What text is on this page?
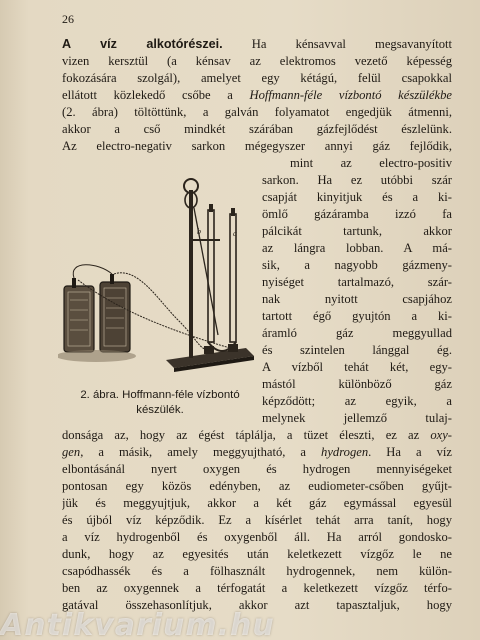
26
A víz alkotórészei. Ha kénsavval megsavanyított
vizen kersztül (a kénsav az elektromos vezető képesség
fokozására szolgál), amelyet egy kétágú, felül csapokkal
ellátott közlekedő csőbe a Hoffmann-féle vízbontó készülékbe
(2. ábra) töltöttünk, a galván folyamatot engedjük átmenni,
akkor a cső mindkét szárában gázfejlődést észlelünk.
Az electro-negativ sarkon mégegyszer annyi gáz fejlődik,
mint az electro-positiv
sarkon. Ha ez utóbbi szár
csapját kinyitjuk és a ki-
ömlő gázáramba izzó fa
pálcikát tartunk, akkor
az lángra lobban. A má-
sik, a nagyobb gázmeny-
nyiséget tartalmazó, szár-
nak nyitott csapjához
tartott égő gyujtón a ki-
áramló gáz meggyullad
és szintelen lánggal ég.
A vízből tehát két, egy-
mástól különböző gáz
képződött; az egyik, a
melynek jellemző tulaj-
donsága az, hogy az égést táplálja, a tüzet éleszti, ez az oxy-
gen, a másik, amely meggyujtható, a hydrogen. Ha a víz
elbontásánál nyert oxygen és hydrogen mennyiségeket
pontosan egy közös edényben, az eudiometer-csőben gyűjt-
jük és meggyujtjuk, akkor a két gáz egymással egyesül
és újból víz képződik. Ez a kísérlet tehát arra tanít, hogy
a víz hydrogenből és oxygenből áll. Ha arról gondosko-
dunk, hogy az egyesités után keletkezett vízgőz le ne
csapódhassék és a fölhasznált hydrogennek, nem külön-
ben az oxygennek a térfogatát a keletkezett vízgőz térfo-
gatával összehasonlítjuk, akkor azt tapasztaljuk, hogy
a
b
2. ábra. Hoffmann-féle vízbontó
készülék.
Antikvarium.hu
